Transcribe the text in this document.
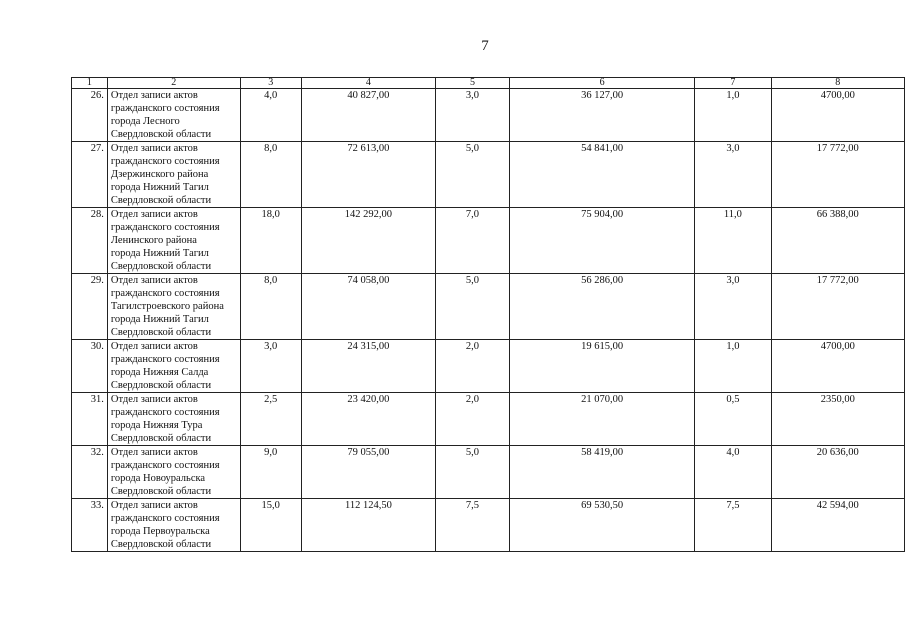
7
1	2	3	4	5	6	7	8
26.	Отдел записи актов
гражданского состояния
города Лесного
Свердловской области	4,0	40 827,00	3,0	36 127,00	1,0	4700,00
27.	Отдел записи актов
гражданского состояния
Дзержинского района
города Нижний Тагил
Свердловской области	8,0	72 613,00	5,0	54 841,00	3,0	17 772,00
28.	Отдел записи актов
гражданского состояния
Ленинского района
города Нижний Тагил
Свердловской области	18,0	142 292,00	7,0	75 904,00	11,0	66 388,00
29.	Отдел записи актов
гражданского состояния
Тагилстроевского района
города Нижний Тагил
Свердловской области	8,0	74 058,00	5,0	56 286,00	3,0	17 772,00
30.	Отдел записи актов
гражданского состояния
города Нижняя Салда
Свердловской области	3,0	24 315,00	2,0	19 615,00	1,0	4700,00
31.	Отдел записи актов
гражданского состояния
города Нижняя Тура
Свердловской области	2,5	23 420,00	2,0	21 070,00	0,5	2350,00
32.	Отдел записи актов
гражданского состояния
города Новоуральска
Свердловской области	9,0	79 055,00	5,0	58 419,00	4,0	20 636,00
33.	Отдел записи актов
гражданского состояния
города Первоуральска
Свердловской области	15,0	112 124,50	7,5	69 530,50	7,5	42 594,00
